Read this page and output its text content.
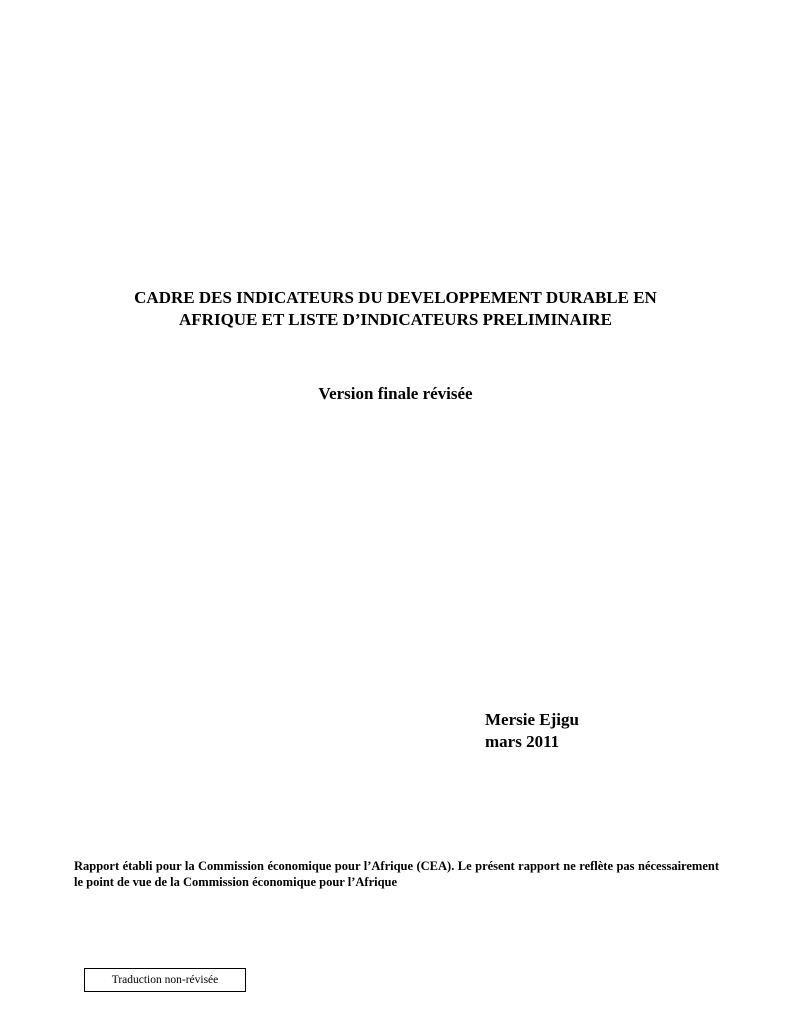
CADRE DES INDICATEURS DU DEVELOPPEMENT DURABLE EN
AFRIQUE ET LISTE D’INDICATEURS PRELIMINAIRE
Version finale révisée
Mersie Ejigu
mars 2011
Rapport établi pour la Commission économique pour l’Afrique (CEA). Le présent rapport ne reflète pas nécessairement le point de vue de la Commission économique pour l’Afrique
Traduction non-révisée
